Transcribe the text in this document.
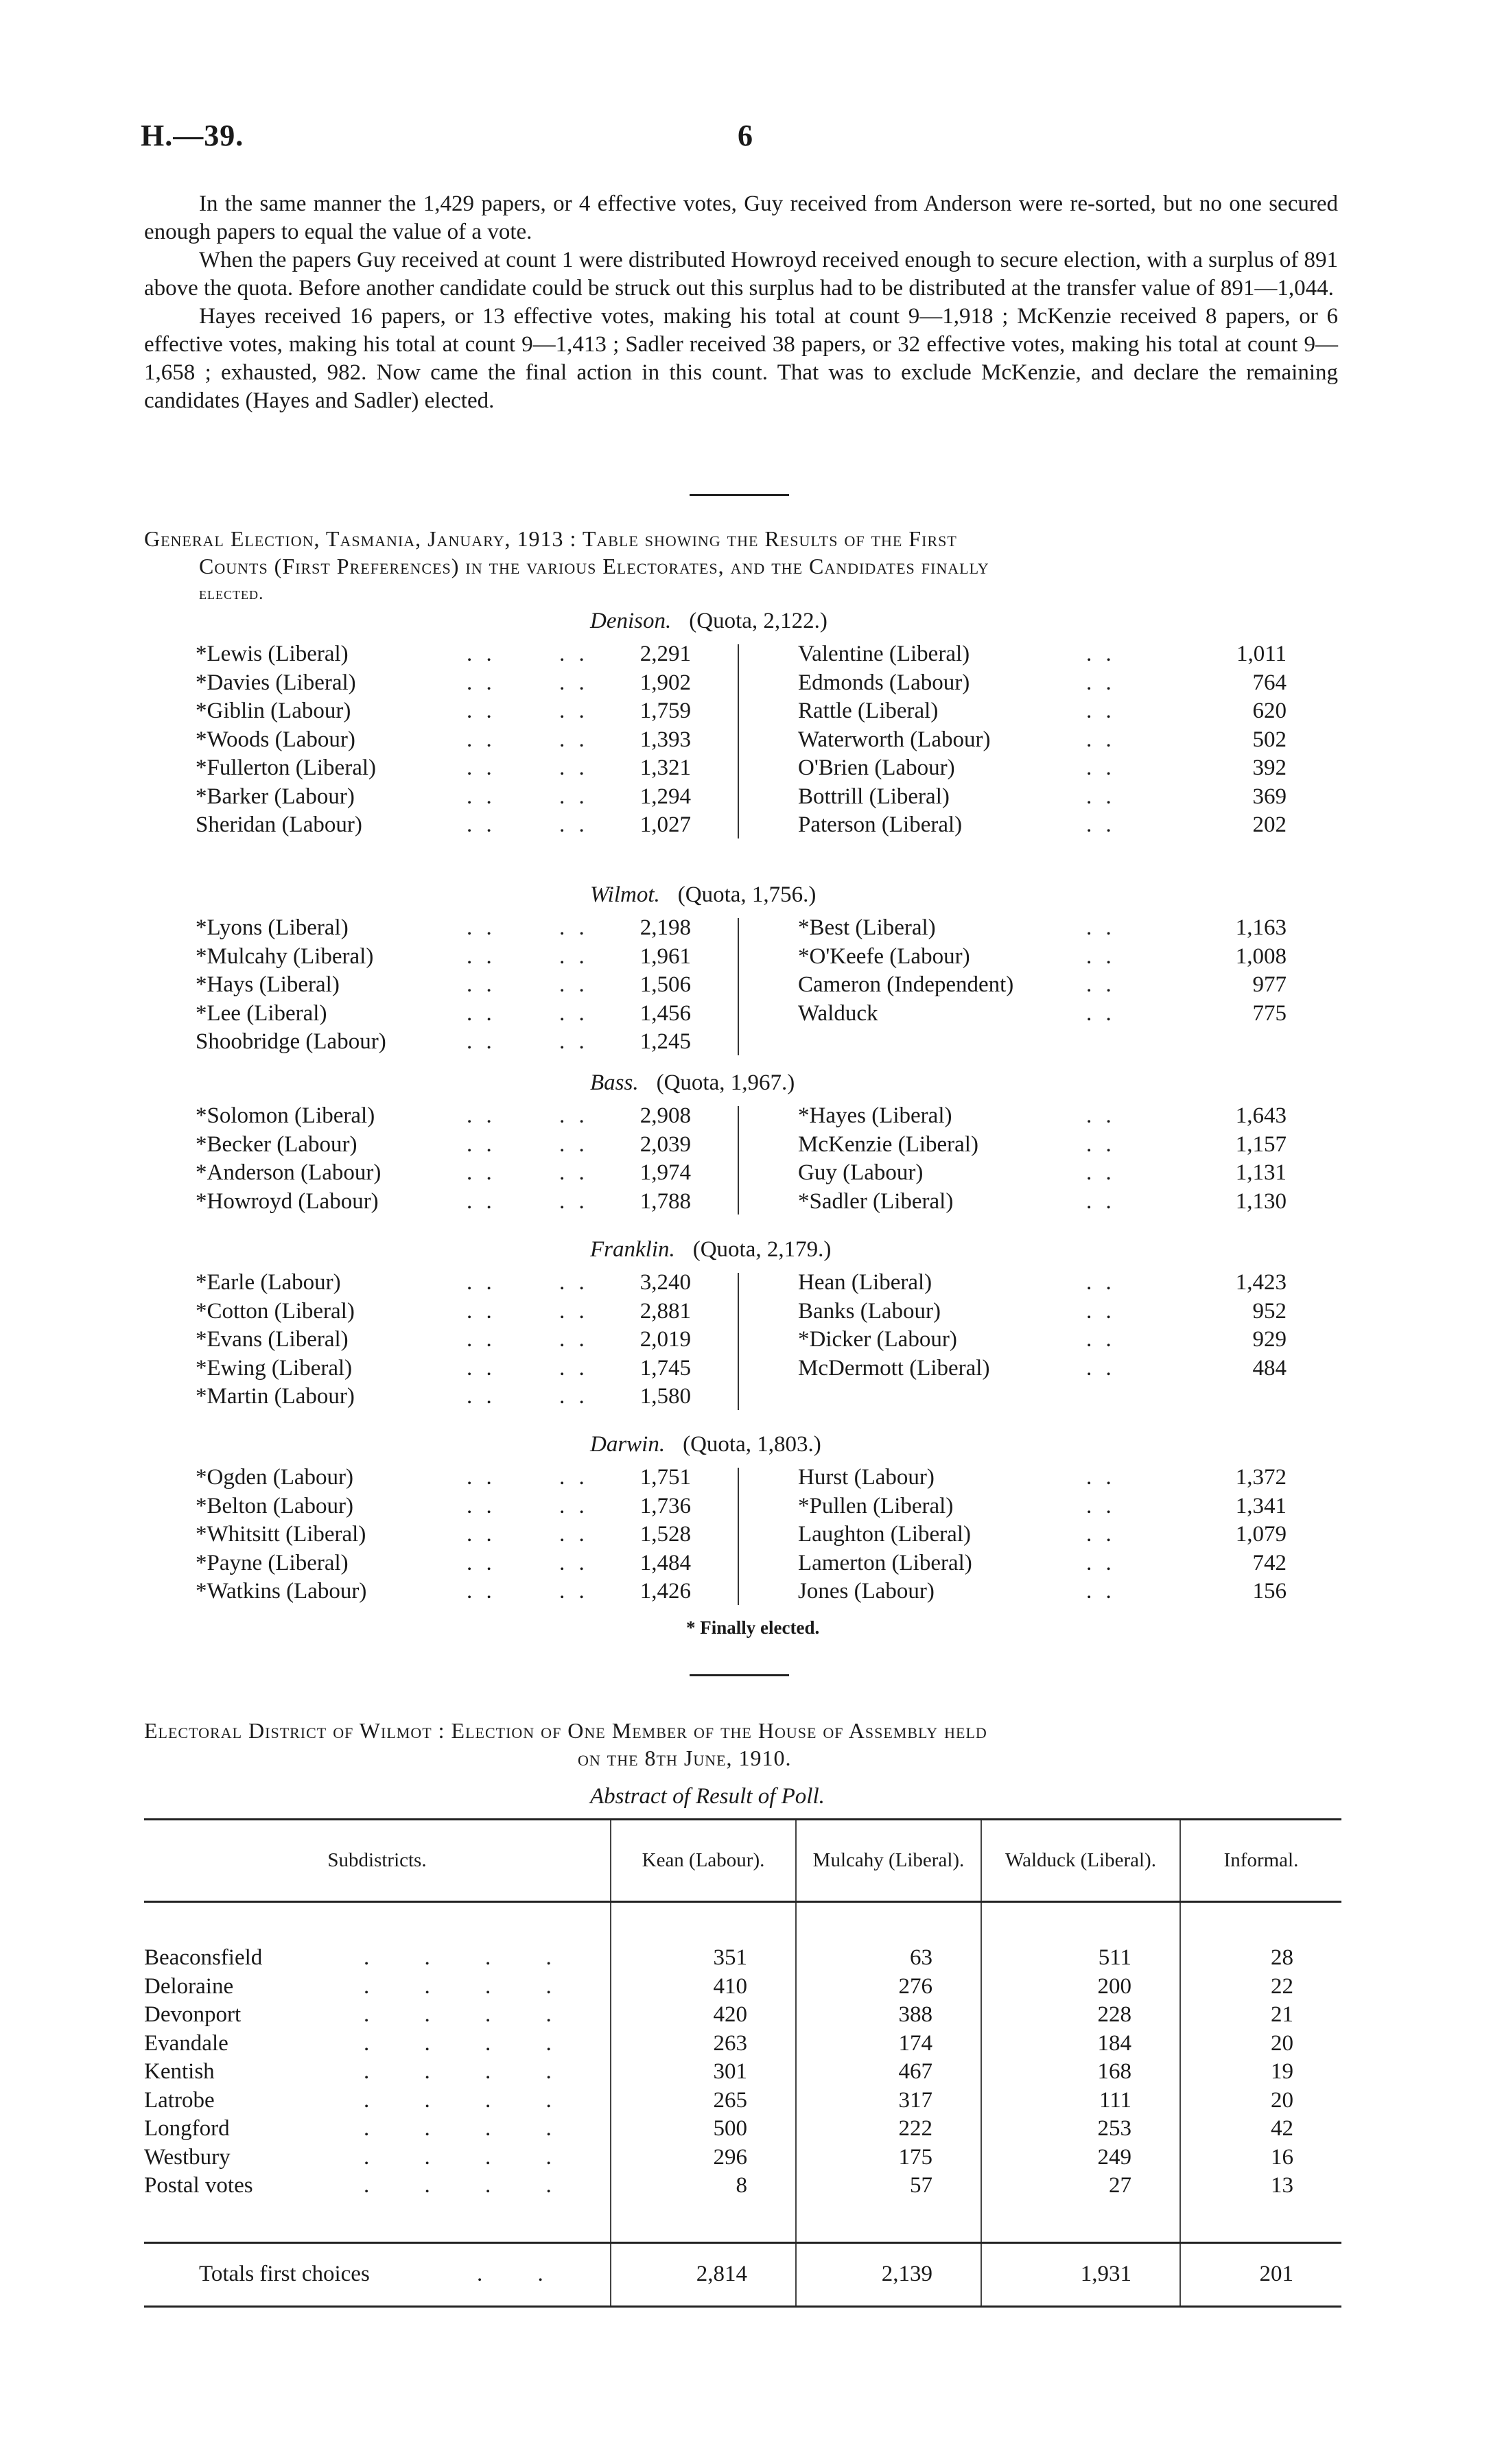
H.—39.	6

In the same manner the 1,429 papers, or 4 effective votes, Guy received from Anderson were re-sorted, but no one secured enough papers to equal the value of a vote.

When the papers Guy received at count 1 were distributed Howroyd received enough to secure election, with a surplus of 891 above the quota. Before another candidate could be struck out this surplus had to be distributed at the transfer value of 891—1,044.

Hayes received 16 papers, or 13 effective votes, making his total at count 9—1,918 ; McKenzie received 8 papers, or 6 effective votes, making his total at count 9—1,413 ; Sadler received 38 papers, or 32 effective votes, making his total at count 9—1,658 ; exhausted, 982. Now came the final action in this count. That was to exclude McKenzie, and declare the remaining candidates (Hayes and Sadler) elected.

General Election, Tasmania, January, 1913 : Table showing the Results of the First
Counts (First Preferences) in the various Electorates, and the Candidates finally
elected.
Denison. (Quota, 2,122.)
*Lewis (Liberal)	. .	. . 2,291
*Davies (Liberal)	. .	. . 1,902
*Giblin (Labour)	. .	. . 1,759
*Woods (Labour)	. .	. . 1,393
*Fullerton (Liberal)	. .	. . 1,321
*Barker (Labour)	. .	. . 1,294
Sheridan (Labour)	. .	. . 1,027
Valentine (Liberal)	. .	1,011
Edmonds (Labour)	. .	764
Rattle (Liberal)	. .	620
Waterworth (Labour)	. .	502
O'Brien (Labour)	. .	392
Bottrill (Liberal)	. .	369
Paterson (Liberal)	. .	202
Wilmot. (Quota, 1,756.)
*Lyons (Liberal)	. .	. . 2,198
*Mulcahy (Liberal)	. .	. . 1,961
*Hays (Liberal)	. .	. . 1,506
*Lee (Liberal)	. .	. . 1,456
Shoobridge (Labour)	. .	. . 1,245
*Best (Liberal)	. .	1,163
*O'Keefe (Labour)	. .	1,008
Cameron (Independent)	. .	977
Walduck	. .	775
Bass. (Quota, 1,967.)
*Solomon (Liberal)	. .	. . 2,908
*Becker (Labour)	. .	. . 2,039
*Anderson (Labour)	. .	. . 1,974
*Howroyd (Labour)	. .	. . 1,788
*Hayes (Liberal)	. .	1,643
McKenzie (Liberal)	. .	1,157
Guy (Labour)	. .	1,131
*Sadler (Liberal)	. .	1,130
Franklin. (Quota, 2,179.)
*Earle (Labour)	. .	. . 3,240
*Cotton (Liberal)	. .	. . 2,881
*Evans (Liberal)	. .	. . 2,019
*Ewing (Liberal)	. .	. . 1,745
*Martin (Labour)	. .	. . 1,580
Hean (Liberal)	. .	1,423
Banks (Labour)	. .	952
*Dicker (Labour)	. .	929
McDermott (Liberal)	. .	484
Darwin. (Quota, 1,803.)
*Ogden (Labour)	. .	. . 1,751
*Belton (Labour)	. .	. . 1,736
*Whitsitt (Liberal)	. .	. . 1,528
*Payne (Liberal)	. .	. . 1,484
*Watkins (Labour)	. .	. . 1,426
Hurst (Labour)	. .	1,372
*Pullen (Liberal)	. .	1,341
Laughton (Liberal)	. .	1,079
Lamerton (Liberal)	. .	742
Jones (Labour)	. .	156
* Finally elected.
Electoral District of Wilmot : Election of One Member of the House of Assembly held
on the 8th June, 1910.
Abstract of Result of Poll.
Subdistricts.	Kean (Labour).	Mulcahy (Liberal).	Walduck (Liberal).	Informal.

Beaconsfield . . . .	351	63	511	28
Deloraine . . . .	410	276	200	22
Devonport . . . .	420	388	228	21
Evandale . . . .	263	174	184	20
Kentish . . . .	301	467	168	19
Latrobe . . . .	265	317	111	20
Longford . . . .	500	222	253	42
Westbury . . . .	296	175	249	16
Postal votes . . . .	8	57	27	13

Totals first choices . .	2,814	2,139	1,931	201
